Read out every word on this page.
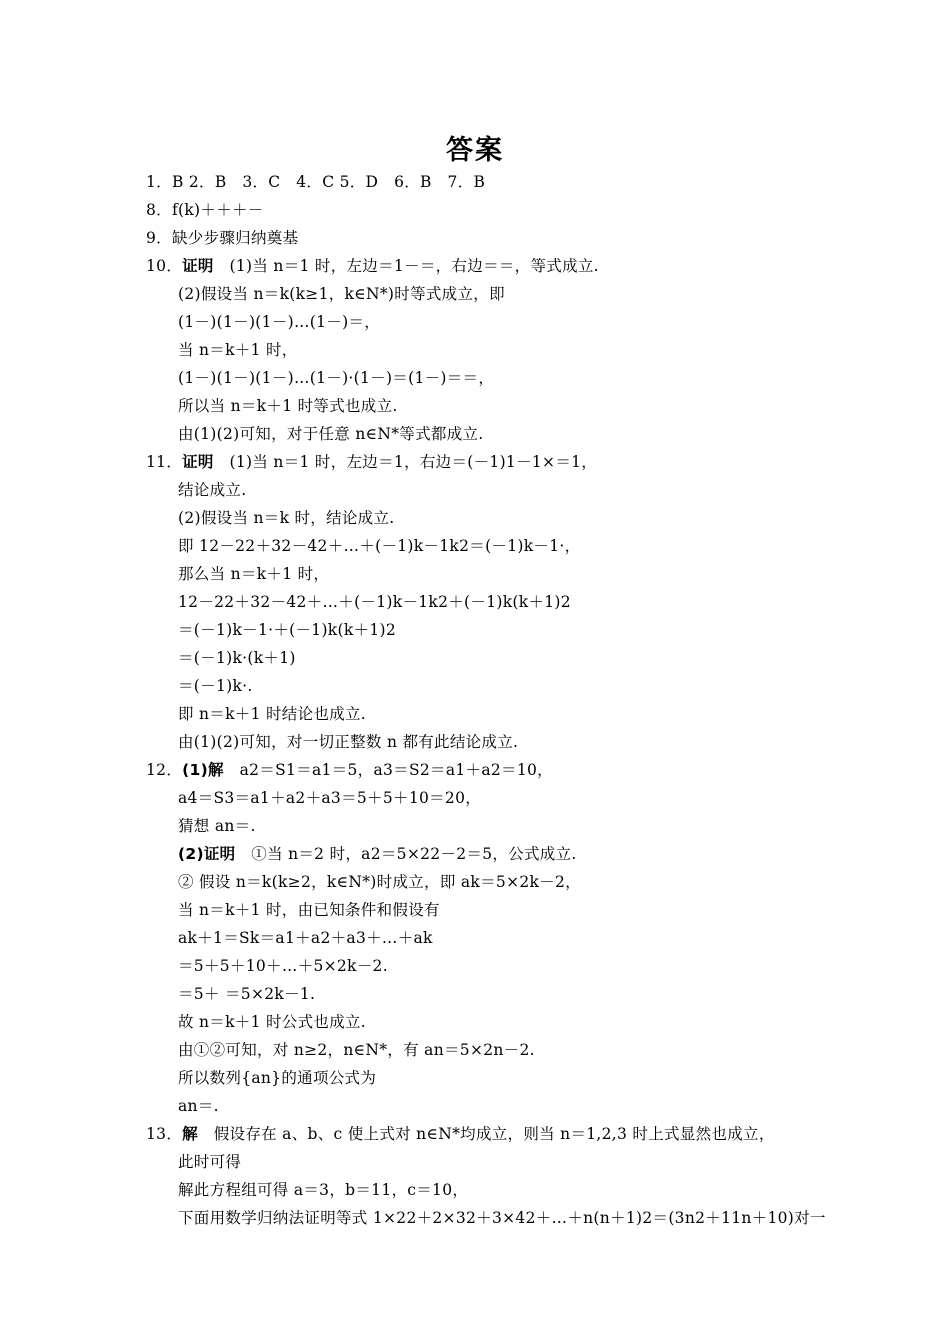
答案
1．B 2．B　3．C　4．C 5．D　6．B　7．B
8．f(k)＋＋＋－
9．缺少步骤归纳奠基
10．证明  (1)当 n＝1 时，左边＝1－＝，右边＝＝，等式成立.
(2)假设当 n＝k(k≥1，k∈N*)时等式成立，即
(1－)(1－)(1－)…(1－)＝，
当 n＝k＋1 时，
(1－)(1－)(1－)…(1－)·(1－)＝(1－)＝＝，
所以当 n＝k＋1 时等式也成立.
由(1)(2)可知，对于任意 n∈N*等式都成立.
11．证明  (1)当 n＝1 时，左边＝1，右边＝(－1)1－1×＝1，
结论成立.
(2)假设当 n＝k 时，结论成立.
即 12－22＋32－42＋…＋(－1)k－1k2＝(－1)k－1·，
那么当 n＝k＋1 时，
12－22＋32－42＋…＋(－1)k－1k2＋(－1)k(k＋1)2
＝(－1)k－1·＋(－1)k(k＋1)2
＝(－1)k·(k＋1)
＝(－1)k·.
即 n＝k＋1 时结论也成立.
由(1)(2)可知，对一切正整数 n 都有此结论成立.
12．(1)解  a2＝S1＝a1＝5，a3＝S2＝a1＋a2＝10，
a4＝S3＝a1＋a2＋a3＝5＋5＋10＝20，
猜想 an＝.
(2)证明  ①当 n＝2 时，a2＝5×22－2＝5，公式成立.
② 假设 n＝k(k≥2，k∈N*)时成立，即 ak＝5×2k－2，
当 n＝k＋1 时，由已知条件和假设有
ak＋1＝Sk＝a1＋a2＋a3＋…＋ak
＝5＋5＋10＋…＋5×2k－2.
＝5＋ ＝5×2k－1.
故 n＝k＋1 时公式也成立.
由①②可知，对 n≥2，n∈N*，有 an＝5×2n－2.
所以数列{an}的通项公式为
an＝.
13．解  假设存在 a、b、c 使上式对 n∈N*均成立，则当 n＝1,2,3 时上式显然也成立，
此时可得
解此方程组可得 a＝3，b＝11，c＝10，
下面用数学归纳法证明等式 1×22＋2×32＋3×42＋…＋n(n＋1)2＝(3n2＋11n＋10)对一
